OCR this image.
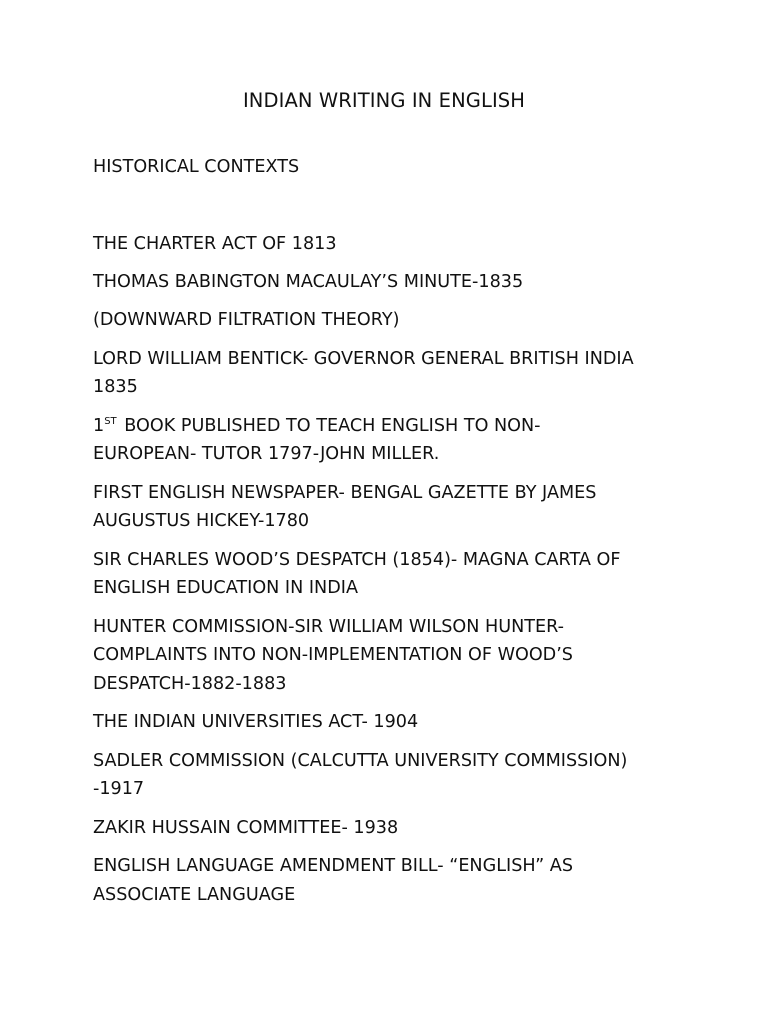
INDIAN WRITING IN ENGLISH

HISTORICAL CONTEXTS

THE CHARTER ACT OF 1813
THOMAS BABINGTON MACAULAY’S MINUTE-1835
(DOWNWARD FILTRATION THEORY)
LORD WILLIAM BENTICK- GOVERNOR GENERAL BRITISH INDIA
1835
1ST BOOK PUBLISHED TO TEACH ENGLISH TO NON-
EUROPEAN- TUTOR 1797-JOHN MILLER.
FIRST ENGLISH NEWSPAPER- BENGAL GAZETTE BY JAMES
AUGUSTUS HICKEY-1780
SIR CHARLES WOOD’S DESPATCH (1854)- MAGNA CARTA OF
ENGLISH EDUCATION IN INDIA
HUNTER COMMISSION-SIR WILLIAM WILSON HUNTER-
COMPLAINTS INTO NON-IMPLEMENTATION OF WOOD’S
DESPATCH-1882-1883
THE INDIAN UNIVERSITIES ACT- 1904
SADLER COMMISSION (CALCUTTA UNIVERSITY COMMISSION)
-1917
ZAKIR HUSSAIN COMMITTEE- 1938
ENGLISH LANGUAGE AMENDMENT BILL- “ENGLISH” AS
ASSOCIATE LANGUAGE
